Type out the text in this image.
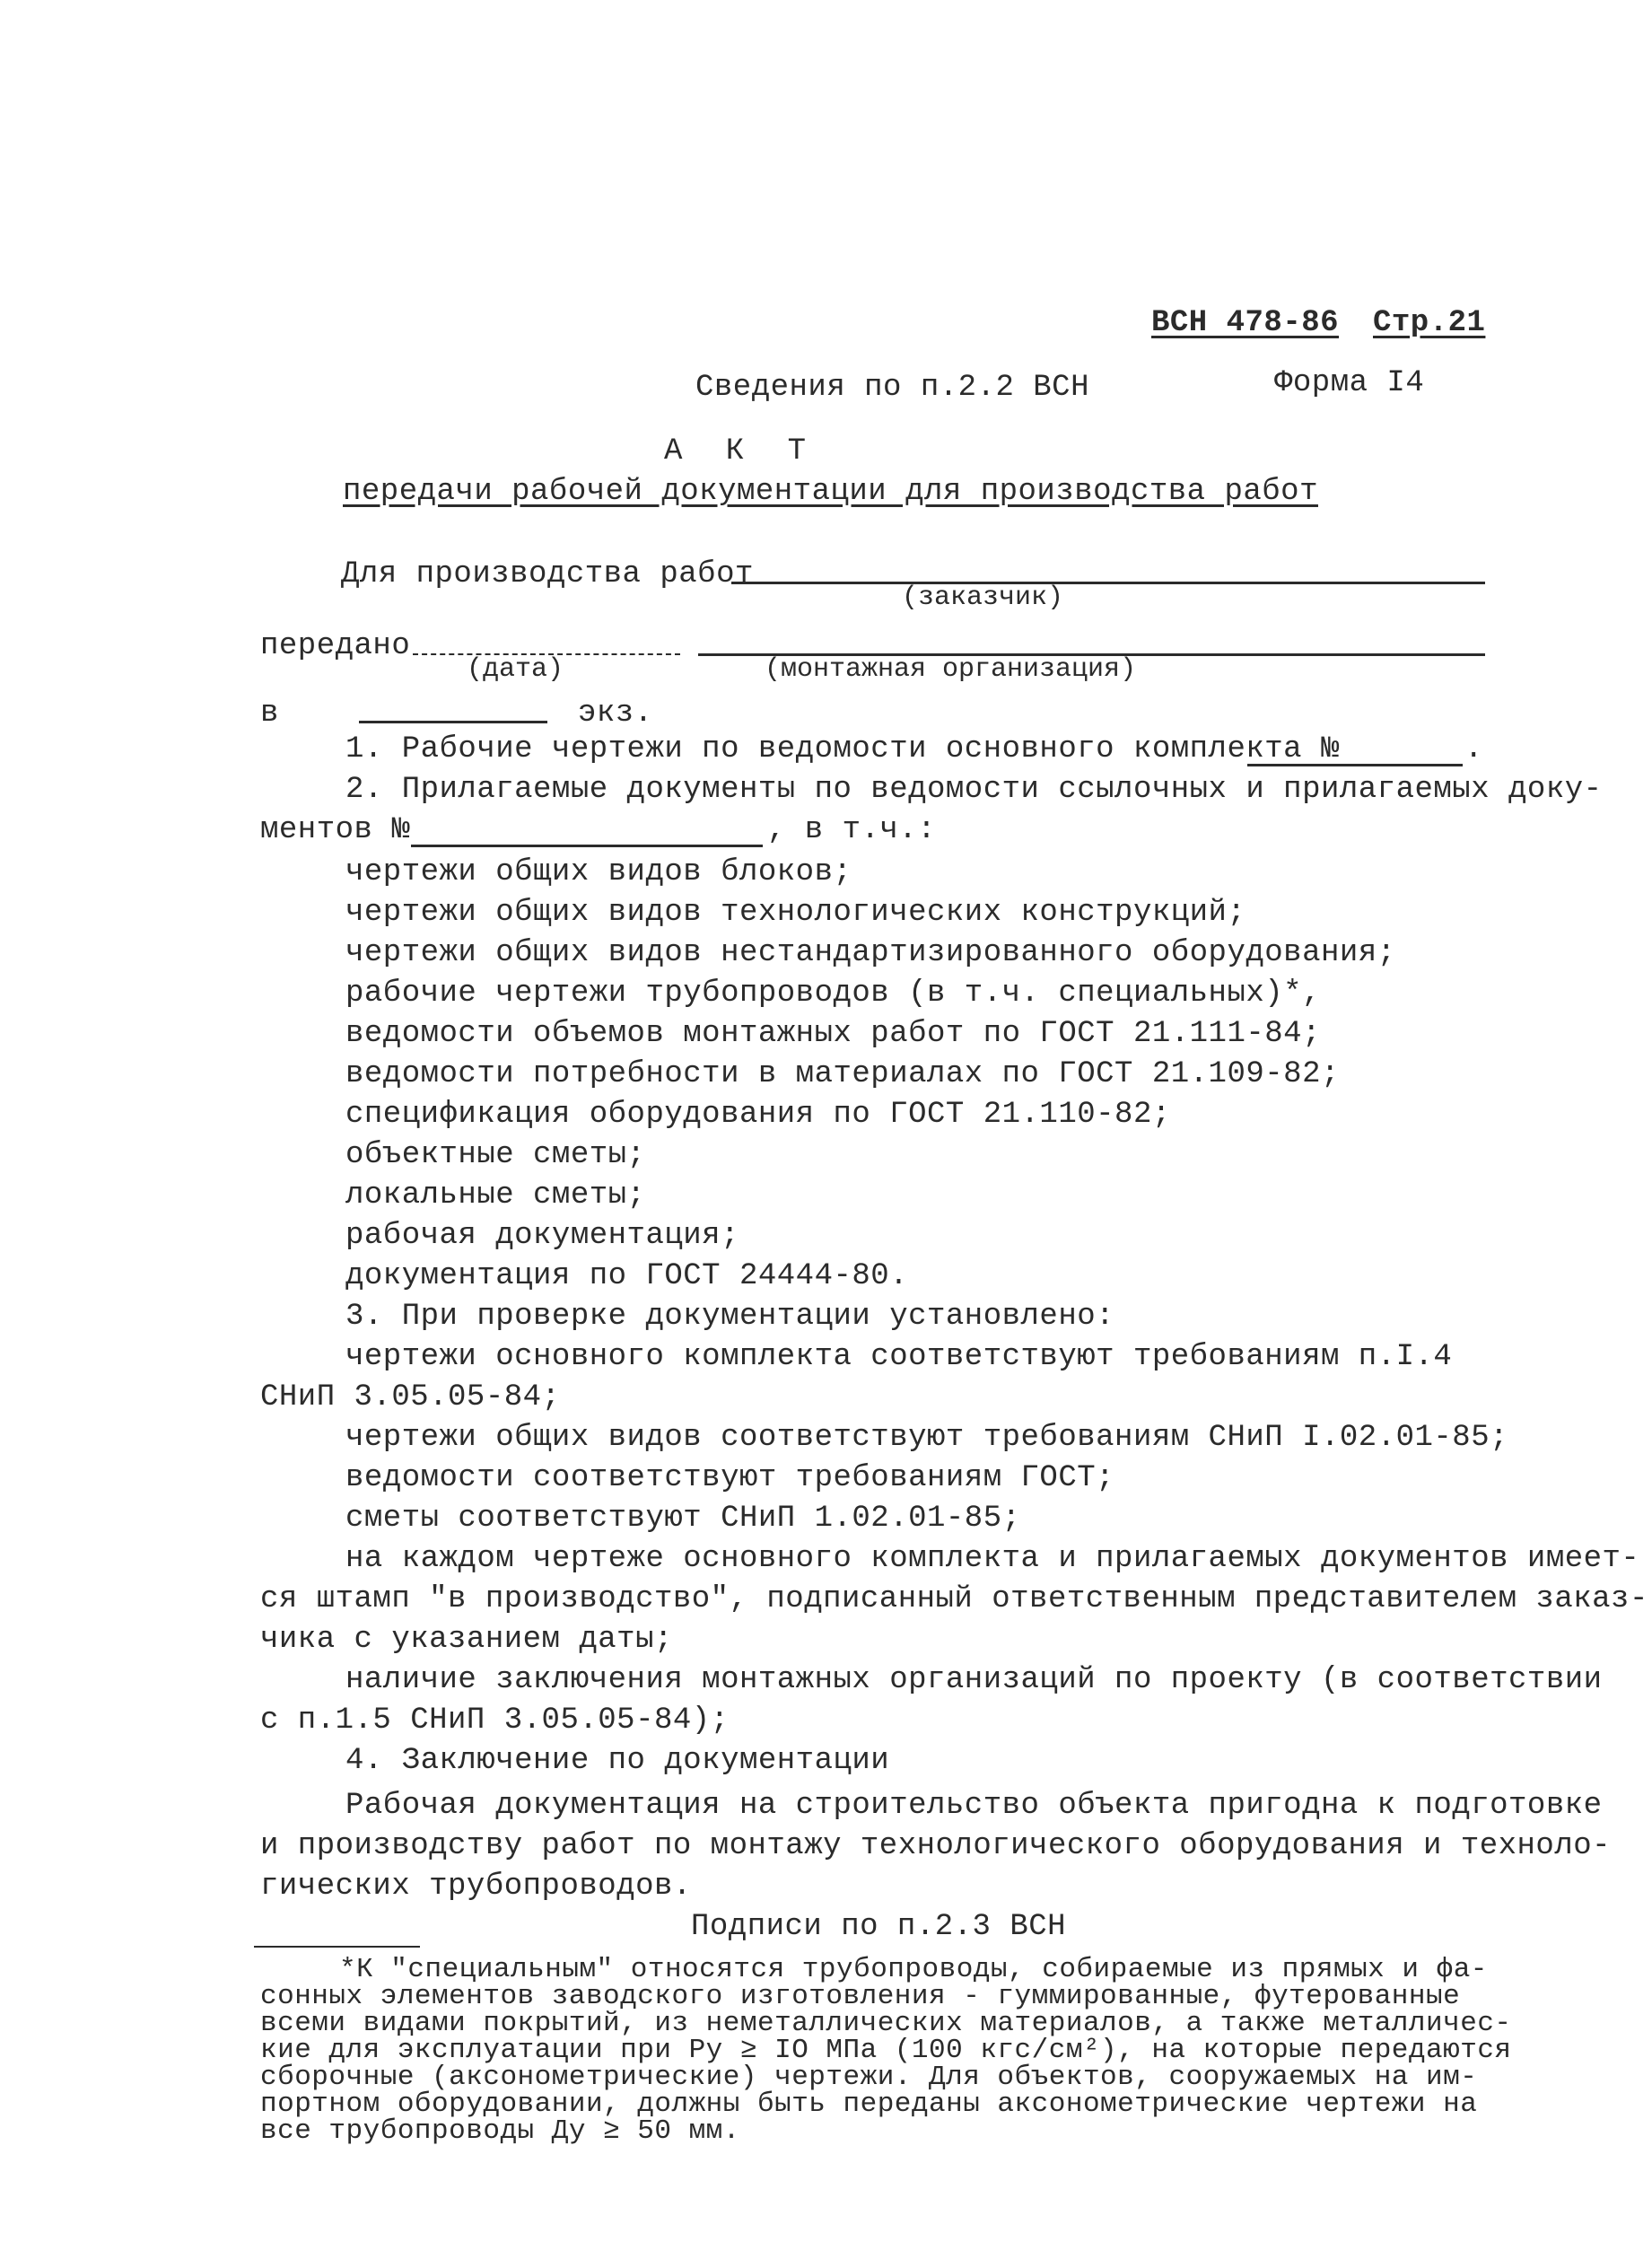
ВСН 478-86 Стр.21
Сведения по п.2.2 ВСН	Форма I4
А К Т
передачи рабочей документации для производства работ
Для производства работ
(заказчик)
передано
(дата)	(монтажная организация)
в	экз.
1. Рабочие чертежи по ведомости основного комплекта №	.
2. Прилагаемые документы по ведомости ссылочных и прилагаемых доку-
ментов №	, в т.ч.:
чертежи общих видов блоков;
чертежи общих видов технологических конструкций;
чертежи общих видов нестандартизированного оборудования;
рабочие чертежи трубопроводов (в т.ч. специальных)*,
ведомости объемов монтажных работ по ГОСТ 21.111-84;
ведомости потребности в материалах по ГОСТ 21.109-82;
спецификация оборудования по ГОСТ 21.110-82;
объектные сметы;
локальные сметы;
рабочая документация;
документация по ГОСТ 24444-80.
3. При проверке документации установлено:
чертежи основного комплекта соответствуют требованиям п.I.4
СНиП 3.05.05-84;
чертежи общих видов соответствуют требованиям СНиП I.02.01-85;
ведомости соответствуют требованиям ГОСТ;
сметы соответствуют СНиП 1.02.01-85;
на каждом чертеже основного комплекта и прилагаемых документов имеет-
ся штамп "в производство", подписанный ответственным представителем заказ-
чика с указанием даты;
наличие заключения монтажных организаций по проекту (в соответствии
с п.1.5 СНиП 3.05.05-84);
4. Заключение по документации
Рабочая документация на строительство объекта пригодна к подготовке
и производству работ по монтажу технологического оборудования и техноло-
гических трубопроводов.
Подписи по п.2.3 ВСН
*К "специальным" относятся трубопроводы, собираемые из прямых и фа-
сонных элементов заводского изготовления - гуммированные, футерованные
всеми видами покрытий, из неметаллических материалов, а также металличес-
кие для эксплуатации при Ру ≥ IO МПа (100 кгс/см²), на которые передаются
сборочные (аксонометрические) чертежи. Для объектов, сооружаемых на им-
портном оборудовании, должны быть переданы аксонометрические чертежи на
все трубопроводы Ду ≥ 50 мм.
